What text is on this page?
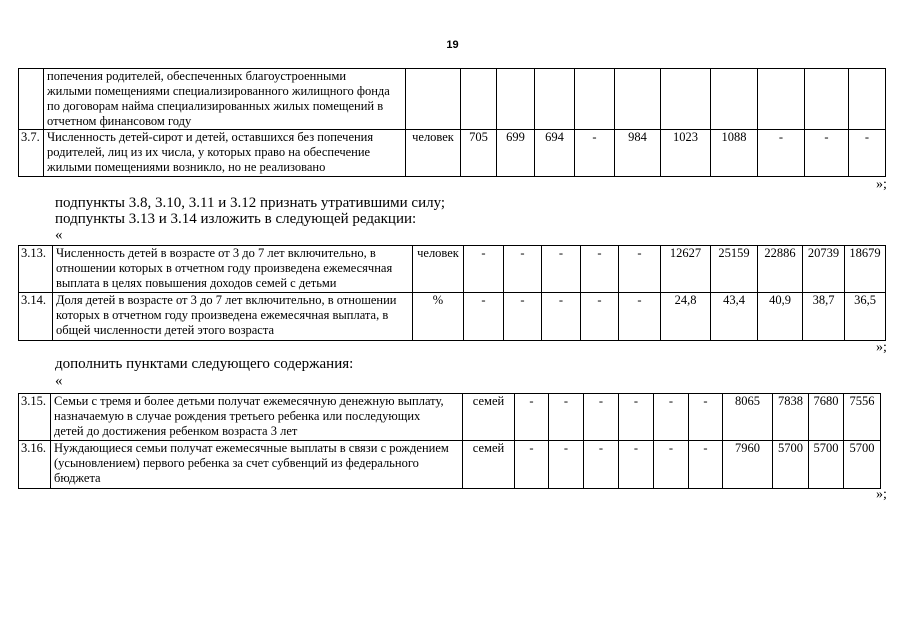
19
	попечения родителей, обеспеченных благоустроенными
жилыми помещениями специализированного жилищного фонда
по договорам найма специализированных жилых помещений в
отчетном финансовом году											
3.7.	Численность детей-сирот и детей, оставшихся без попечения
родителей, лиц из их числа, у которых право на обеспечение
жилыми помещениями возникло, но не реализовано	человек	705	699	694	-	984	1023	1088	-	-	-
»;
подпункты 3.8, 3.10, 3.11 и 3.12 признать утратившими силу;
подпункты 3.13 и 3.14 изложить в следующей редакции:
«
3.13.	Численность детей в возрасте от 3 до 7 лет включительно, в
отношении которых в отчетном году произведена ежемесячная
выплата в целях повышения доходов семей с детьми	человек	-	-	-	-	-	12627	25159	22886	20739	18679
3.14.	Доля детей в возрасте от 3 до 7 лет включительно, в отношении
которых в отчетном году произведена ежемесячная выплата, в
общей численности детей этого возраста	%	-	-	-	-	-	24,8	43,4	40,9	38,7	36,5
»;
дополнить пунктами следующего содержания:
«
3.15.	Семьи с тремя и более детьми получат ежемесячную денежную выплату,
назначаемую в случае рождения третьего ребенка или последующих
детей до достижения ребенком возраста 3 лет	семей	-	-	-	-	-	-	8065	7838	7680	7556
3.16.	Нуждающиеся семьи получат ежемесячные выплаты в связи с рождением
(усыновлением) первого ребенка за счет субвенций из федерального
бюджета	семей	-	-	-	-	-	-	7960	5700	5700	5700
»;
